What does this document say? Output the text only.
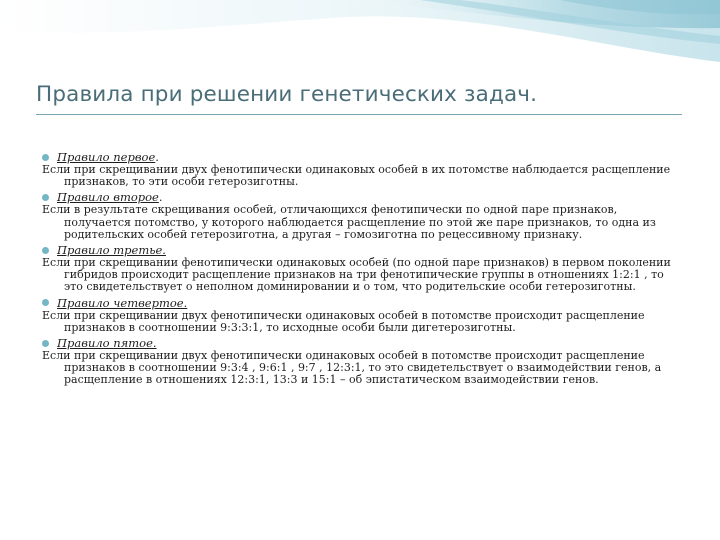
Правила при решении генетических задач.
Правило первое .
Если при скрещивании двух фенотипически одинаковых особей в их потомстве наблюдается расщепление признаков, то эти особи гетерозиготны.
Правило второе .
Если в результате скрещивания особей, отличающихся фенотипически по одной паре признаков, получается потомство, у которого наблюдается расщепление по этой же паре признаков, то одна из родительских особей гетерозиготна, а другая – гомозиготна по рецессивному признаку.
Правило третье.
Если при скрещивании фенотипически одинаковых особей (по одной паре признаков) в первом поколении гибридов происходит расщепление признаков на три фенотипические группы в отношениях 1:2:1 , то это свидетельствует о неполном доминировании и о том, что родительские особи гетерозиготны.
Правило четвертое.
Если при скрещивании двух фенотипически одинаковых особей в потомстве происходит расщепление признаков в соотношении 9:3:3:1, то исходные особи были дигетерозиготны.
Правило пятое.
Если при скрещивании двух фенотипически одинаковых особей в потомстве происходит расщепление признаков в соотношении 9:3:4 , 9:6:1 , 9:7 , 12:3:1, то это свидетельствует о взаимодействии генов, а расщепление в отношениях 12:3:1, 13:3 и 15:1 – об эпистатическом взаимодействии генов.
